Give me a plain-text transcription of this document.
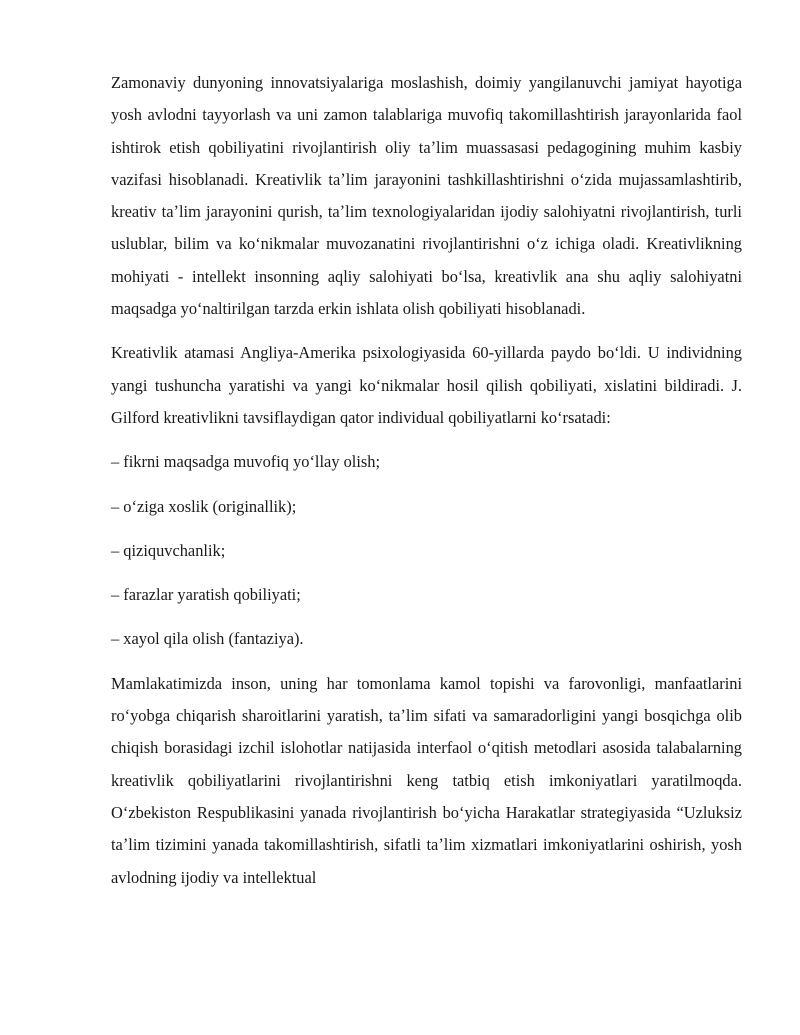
Zamonaviy dunyoning innovatsiyalariga moslashish, doimiy yangilanuvchi jamiyat hayotiga yosh avlodni tayyorlash va uni zamon talablariga muvofiq takomillashtirish jarayonlarida faol ishtirok etish qobiliyatini rivojlantirish oliy taʼlim muassasasi pedagogining muhim kasbiy vazifasi hisoblanadi. Kreativlik taʼlim jarayonini tashkillashtirishni oʻzida mujassamlashtirib, kreativ taʼlim jarayonini qurish, taʼlim texnologiyalaridan ijodiy salohiyatni rivojlantirish, turli uslublar, bilim va koʻnikmalar muvozanatini rivojlantirishni oʻz ichiga oladi. Kreativlikning mohiyati - intellekt insonning aqliy salohiyati boʻlsa, kreativlik ana shu aqliy salohiyatni maqsadga yoʻnaltirilgan tarzda erkin ishlata olish qobiliyati hisoblanadi.

Kreativlik atamasi Angliya-Amerika psixologiyasida 60-yillarda paydo boʻldi. U individning yangi tushuncha yaratishi va yangi koʻnikmalar hosil qilish qobiliyati, xislatini bildiradi. J. Gilford kreativlikni tavsiflaydigan qator individual qobiliyatlarni koʻrsatadi:

– fikrni maqsadga muvofiq yoʻllay olish;

– oʻziga xoslik (originallik);

– qiziquvchanlik;

– farazlar yaratish qobiliyati;

– xayol qila olish (fantaziya).

Mamlakatimizda inson, uning har tomonlama kamol topishi va farovonligi, manfaatlarini roʻyobga chiqarish sharoitlarini yaratish, taʼlim sifati va samaradorligini yangi bosqichga olib chiqish borasidagi izchil islohotlar natijasida interfaol oʻqitish metodlari asosida talabalarning kreativlik qobiliyatlarini rivojlantirishni keng tatbiq etish imkoniyatlari yaratilmoqda. Oʻzbekiston Respublikasini yanada rivojlantirish boʻyicha Harakatlar strategiyasida “Uzluksiz taʼlim tizimini yanada takomillashtirish, sifatli taʼlim xizmatlari imkoniyatlarini oshirish, yosh avlodning ijodiy va intellektual
